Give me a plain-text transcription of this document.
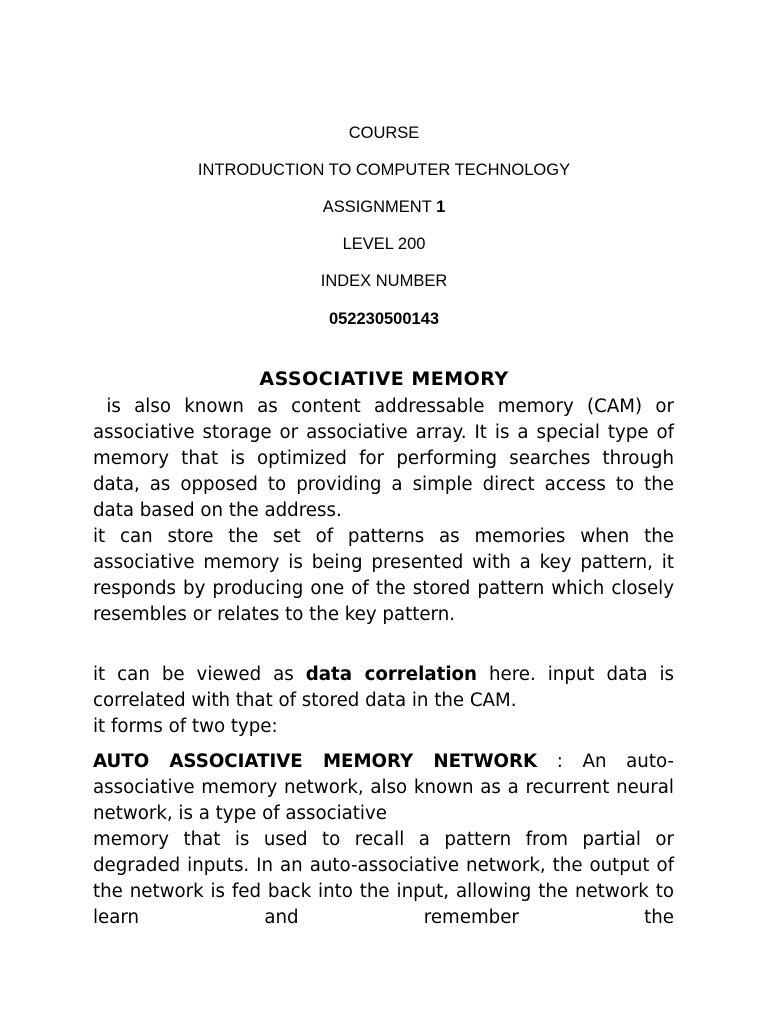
COURSE
INTRODUCTION TO COMPUTER TECHNOLOGY
ASSIGNMENT 1
LEVEL 200
INDEX NUMBER
052230500143
ASSOCIATIVE MEMORY

is also known as content addressable memory (CAM) or associative storage or associative array. It is a special type of memory that is optimized for performing searches through data, as opposed to providing a simple direct access to the data based on the address.

it can store the set of patterns as memories when the associative memory is being presented with a key pattern, it responds by producing one of the stored pattern which closely resembles or relates to the key pattern.

it can be viewed as data correlation here. input data is correlated with that of stored data in the CAM.

it forms of two type:

AUTO ASSOCIATIVE MEMORY NETWORK : An auto-associative memory network, also known as a recurrent neural network, is a type of associative

memory that is used to recall a pattern from partial or degraded inputs. In an auto-associative network, the output of the network is fed back into the input, allowing the network to learn and remember the
